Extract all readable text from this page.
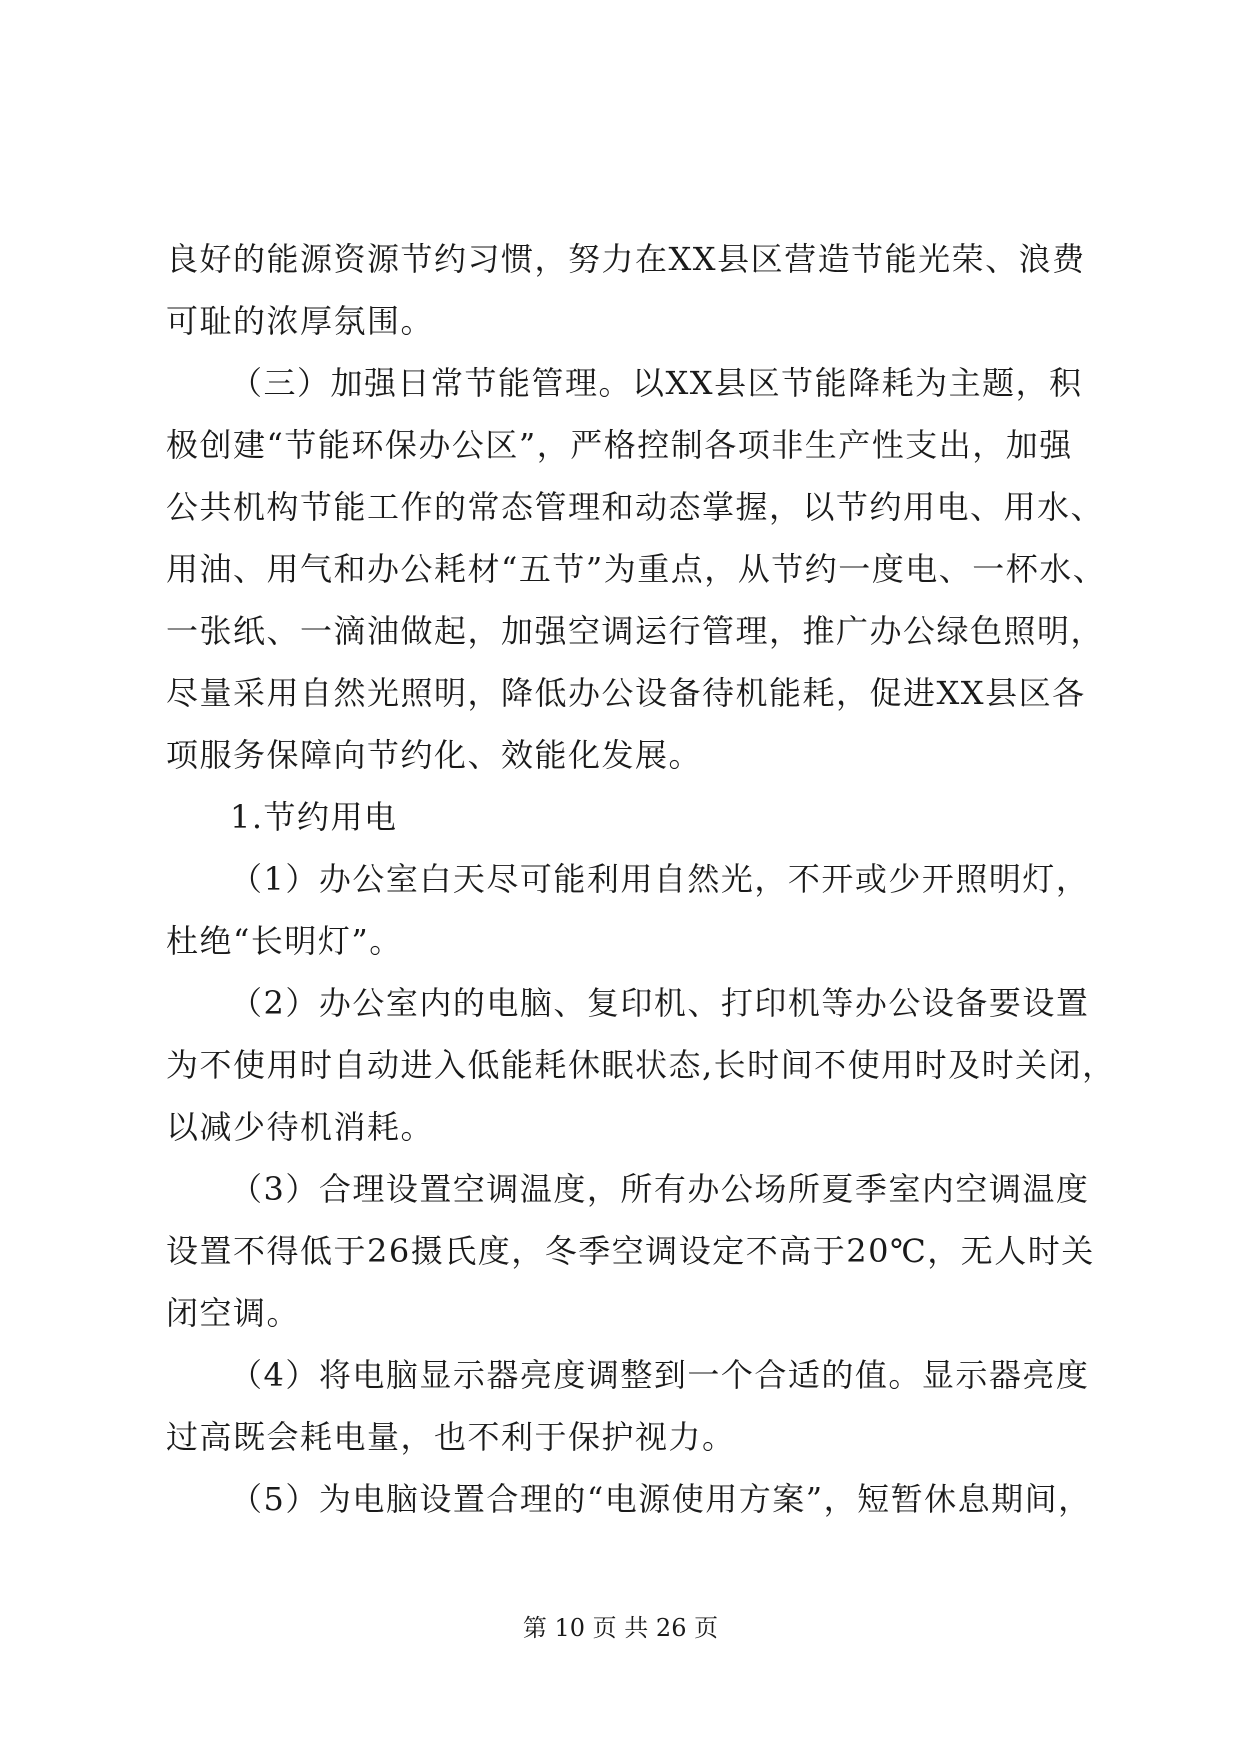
良好的能源资源节约习惯，努力在XX县区营造节能光荣、浪费
可耻的浓厚氛围。
（三）加强日常节能管理。以XX县区节能降耗为主题，积
极创建“节能环保办公区”，严格控制各项非生产性支出，加强
公共机构节能工作的常态管理和动态掌握，以节约用电、用水、
用油、用气和办公耗材“五节”为重点，从节约一度电、一杯水、
一张纸、一滴油做起，加强空调运行管理，推广办公绿色照明，
尽量采用自然光照明，降低办公设备待机能耗，促进XX县区各
项服务保障向节约化、效能化发展。
1.节约用电
（1）办公室白天尽可能利用自然光，不开或少开照明灯，
杜绝“长明灯”。
（2）办公室内的电脑、复印机、打印机等办公设备要设置
为不使用时自动进入低能耗休眠状态,长时间不使用时及时关闭，
以减少待机消耗。
（3）合理设置空调温度，所有办公场所夏季室内空调温度
设置不得低于26摄氏度，冬季空调设定不高于20℃，无人时关
闭空调。
（4）将电脑显示器亮度调整到一个合适的值。显示器亮度
过高既会耗电量，也不利于保护视力。
（5）为电脑设置合理的“电源使用方案”，短暂休息期间，
第 10 页 共 26 页
